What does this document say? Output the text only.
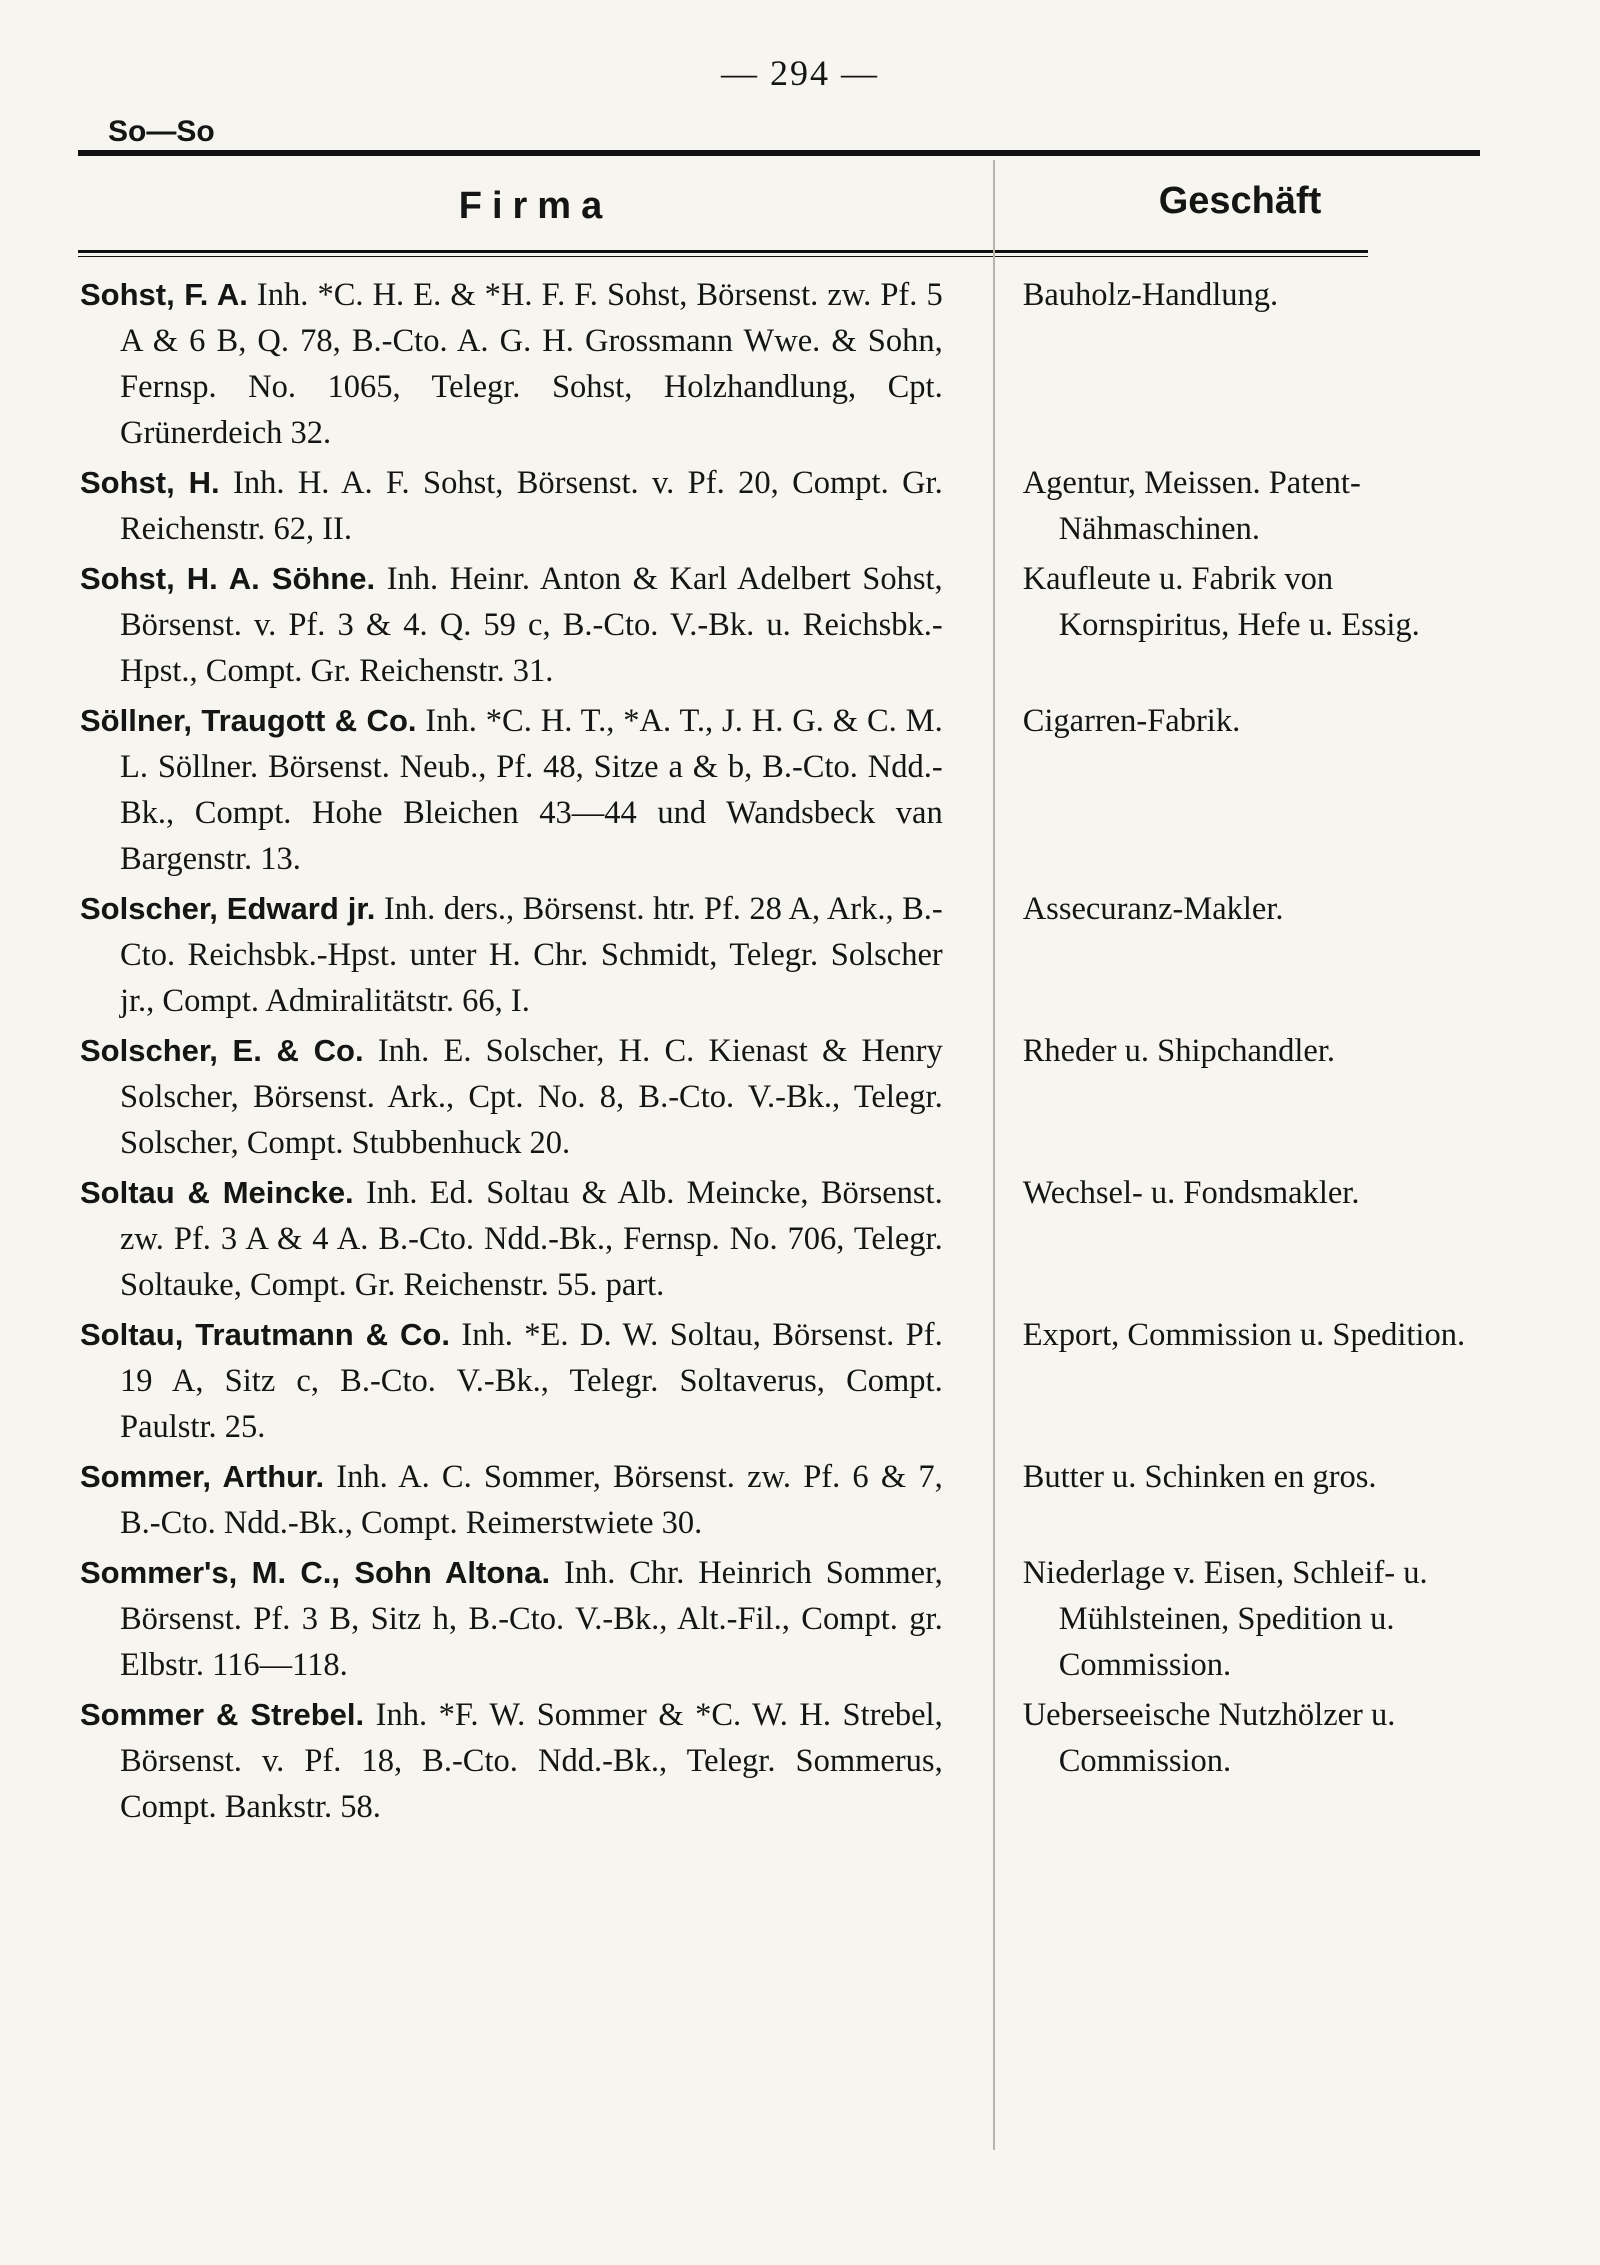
— 294 —
So—So
Firma	Geschäft
Sohst, F. A. Inh. *C. H. E. & *H. F. F. Sohst, Börsenst. zw. Pf. 5 A & 6 B, Q. 78, B.-Cto. A. G. H. Grossmann Wwe. & Sohn, Fernsp. No. 1065, Telegr. Sohst, Holzhandlung, Cpt. Grünerdeich 32.
Bauholz-Handlung.
Sohst, H. Inh. H. A. F. Sohst, Börsenst. v. Pf. 20, Compt. Gr. Reichenstr. 62, II.
Agentur, Meissen. Patent-Nähmaschinen.
Sohst, H. A. Söhne. Inh. Heinr. Anton & Karl Adelbert Sohst, Börsenst. v. Pf. 3 & 4. Q. 59 c, B.-Cto. V.-Bk. u. Reichsbk.-Hpst., Compt. Gr. Reichenstr. 31.
Kaufleute u. Fabrik von Kornspiritus, Hefe u. Essig.
Söllner, Traugott & Co. Inh. *C. H. T., *A. T., J. H. G. & C. M. L. Söllner. Börsenst. Neub., Pf. 48, Sitze a & b, B.-Cto. Ndd.-Bk., Compt. Hohe Bleichen 43—44 und Wandsbeck van Bargenstr. 13.
Cigarren-Fabrik.
Solscher, Edward jr. Inh. ders., Börsenst. htr. Pf. 28 A, Ark., B.-Cto. Reichsbk.-Hpst. unter H. Chr. Schmidt, Telegr. Solscher jr., Compt. Admiralitätstr. 66, I.
Assecuranz-Makler.
Solscher, E. & Co. Inh. E. Solscher, H. C. Kienast & Henry Solscher, Börsenst. Ark., Cpt. No. 8, B.-Cto. V.-Bk., Telegr. Solscher, Compt. Stubbenhuck 20.
Rheder u. Shipchandler.
Soltau & Meincke. Inh. Ed. Soltau & Alb. Meincke, Börsenst. zw. Pf. 3 A & 4 A. B.-Cto. Ndd.-Bk., Fernsp. No. 706, Telegr. Soltauke, Compt. Gr. Reichenstr. 55. part.
Wechsel- u. Fondsmakler.
Soltau, Trautmann & Co. Inh. *E. D. W. Soltau, Börsenst. Pf. 19 A, Sitz c, B.-Cto. V.-Bk., Telegr. Soltaverus, Compt. Paulstr. 25.
Export, Commission u. Spedition.
Sommer, Arthur. Inh. A. C. Sommer, Börsenst. zw. Pf. 6 & 7, B.-Cto. Ndd.-Bk., Compt. Reimerstwiete 30.
Butter u. Schinken en gros.
Sommer's, M. C., Sohn Altona. Inh. Chr. Heinrich Sommer, Börsenst. Pf. 3 B, Sitz h, B.-Cto. V.-Bk., Alt.-Fil., Compt. gr. Elbstr. 116—118.
Niederlage v. Eisen, Schleif- u. Mühlsteinen, Spedition u. Commission.
Sommer & Strebel. Inh. *F. W. Sommer & *C. W. H. Strebel, Börsenst. v. Pf. 18, B.-Cto. Ndd.-Bk., Telegr. Sommerus, Compt. Bankstr. 58.
Ueberseeische Nutzhölzer u. Commission.
